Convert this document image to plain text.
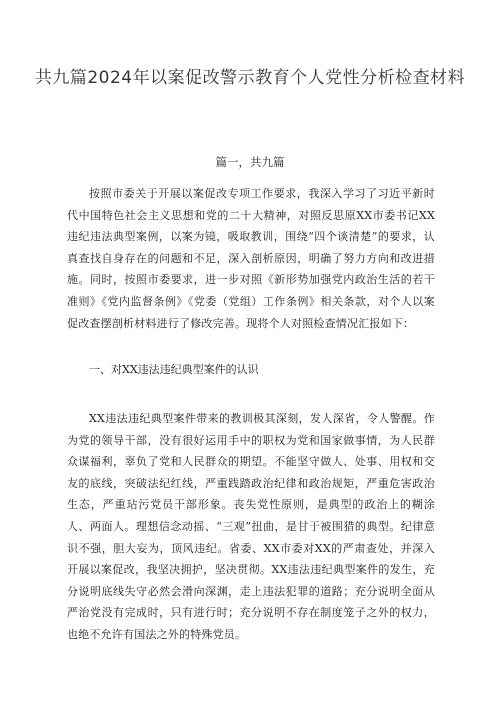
共九篇2024年以案促改警示教育个人党性分析检查材料
篇一，共九篇

按照市委关于开展以案促改专项工作要求，我深入学习了习近平新时代中国特色社会主义思想和党的二十大精神，对照反思原XX市委书记XX违纪违法典型案例，以案为镜，吸取教训，围绕“四个谈清楚”的要求，认真查找自身存在的问题和不足，深入剖析原因，明确了努力方向和改进措施。同时，按照市委要求，进一步对照《新形势加强党内政治生活的若干准则》《党内监督条例》《党委（党组）工作条例》相关条款，对个人以案促改查摆剖析材料进行了修改完善。现将个人对照检查情况汇报如下：

一、对XX违法违纪典型案件的认识

XX违法违纪典型案件带来的教训极其深刻，发人深省，令人警醒。作为党的领导干部，没有很好运用手中的职权为党和国家做事情，为人民群众谋福利，辜负了党和人民群众的期望。不能坚守做人、处事、用权和交友的底线，突破法纪红线，严重践踏政治纪律和政治规矩，严重危害政治生态，严重玷污党员干部形象。丧失党性原则，是典型的政治上的糊涂人、两面人。理想信念动摇、“三观”扭曲，是甘于被围猎的典型。纪律意识不强，胆大妄为，顶风违纪。省委、XX市委对XX的严肃查处，并深入开展以案促改，我坚决拥护，坚决贯彻。XX违法违纪典型案件的发生，充分说明底线失守必然会滑向深渊，走上违法犯罪的道路；充分说明全面从严治党没有完成时，只有进行时；充分说明不存在制度笼子之外的权力，也绝不允许有国法之外的特殊党员。
